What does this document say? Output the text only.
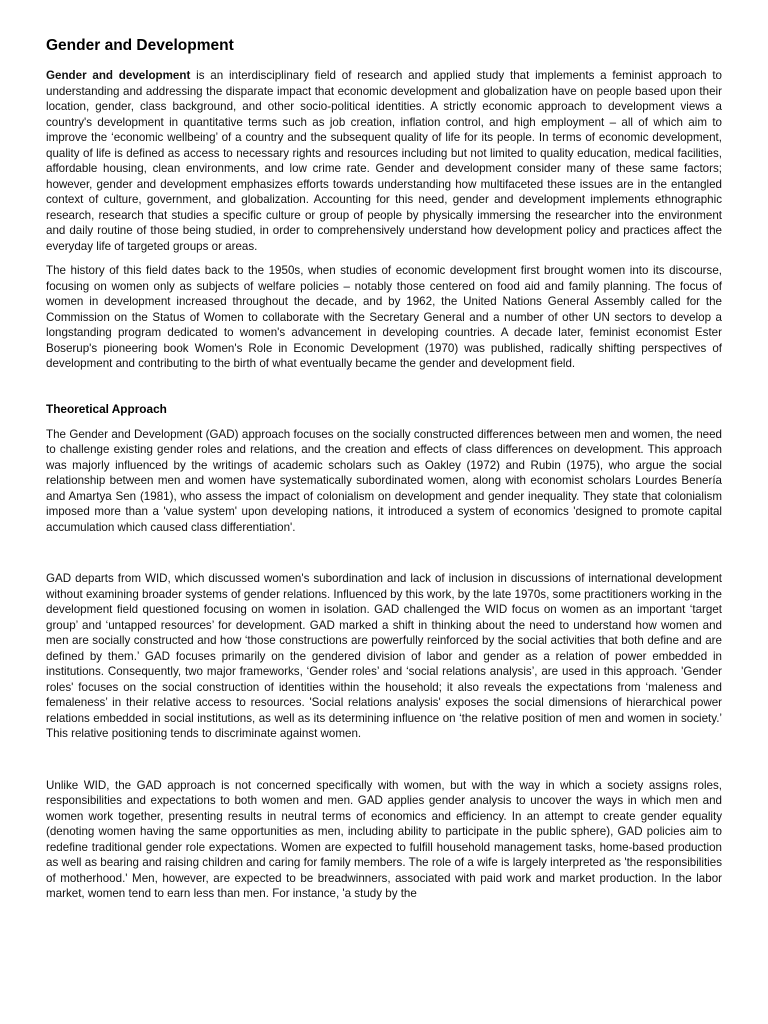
Gender and Development

Gender and development is an interdisciplinary field of research and applied study that implements a feminist approach to understanding and addressing the disparate impact that economic development and globalization have on people based upon their location, gender, class background, and other socio-political identities. A strictly economic approach to development views a country's development in quantitative terms such as job creation, inflation control, and high employment – all of which aim to improve the ‘economic wellbeing’ of a country and the subsequent quality of life for its people. In terms of economic development, quality of life is defined as access to necessary rights and resources including but not limited to quality education, medical facilities, affordable housing, clean environments, and low crime rate. Gender and development consider many of these same factors; however, gender and development emphasizes efforts towards understanding how multifaceted these issues are in the entangled context of culture, government, and globalization. Accounting for this need, gender and development implements ethnographic research, research that studies a specific culture or group of people by physically immersing the researcher into the environment and daily routine of those being studied, in order to comprehensively understand how development policy and practices affect the everyday life of targeted groups or areas.

The history of this field dates back to the 1950s, when studies of economic development first brought women into its discourse, focusing on women only as subjects of welfare policies – notably those centered on food aid and family planning. The focus of women in development increased throughout the decade, and by 1962, the United Nations General Assembly called for the Commission on the Status of Women to collaborate with the Secretary General and a number of other UN sectors to develop a longstanding program dedicated to women's advancement in developing countries. A decade later, feminist economist Ester Boserup's pioneering book Women's Role in Economic Development (1970) was published, radically shifting perspectives of development and contributing to the birth of what eventually became the gender and development field.

Theoretical Approach

The Gender and Development (GAD) approach focuses on the socially constructed differences between men and women, the need to challenge existing gender roles and relations, and the creation and effects of class differences on development. This approach was majorly influenced by the writings of academic scholars such as Oakley (1972) and Rubin (1975), who argue the social relationship between men and women have systematically subordinated women, along with economist scholars Lourdes Benería and Amartya Sen (1981), who assess the impact of colonialism on development and gender inequality. They state that colonialism imposed more than a 'value system' upon developing nations, it introduced a system of economics 'designed to promote capital accumulation which caused class differentiation'.

GAD departs from WID, which discussed women's subordination and lack of inclusion in discussions of international development without examining broader systems of gender relations. Influenced by this work, by the late 1970s, some practitioners working in the development field questioned focusing on women in isolation. GAD challenged the WID focus on women as an important ‘target group’ and ‘untapped resources’ for development. GAD marked a shift in thinking about the need to understand how women and men are socially constructed and how ‘those constructions are powerfully reinforced by the social activities that both define and are defined by them.’ GAD focuses primarily on the gendered division of labor and gender as a relation of power embedded in institutions. Consequently, two major frameworks, ‘Gender roles’ and ‘social relations analysis’, are used in this approach. 'Gender roles' focuses on the social construction of identities within the household; it also reveals the expectations from ‘maleness and femaleness’ in their relative access to resources. 'Social relations analysis' exposes the social dimensions of hierarchical power relations embedded in social institutions, as well as its determining influence on ‘the relative position of men and women in society.’ This relative positioning tends to discriminate against women.

Unlike WID, the GAD approach is not concerned specifically with women, but with the way in which a society assigns roles, responsibilities and expectations to both women and men. GAD applies gender analysis to uncover the ways in which men and women work together, presenting results in neutral terms of economics and efficiency. In an attempt to create gender equality (denoting women having the same opportunities as men, including ability to participate in the public sphere), GAD policies aim to redefine traditional gender role expectations. Women are expected to fulfill household management tasks, home-based production as well as bearing and raising children and caring for family members. The role of a wife is largely interpreted as 'the responsibilities of motherhood.' Men, however, are expected to be breadwinners, associated with paid work and market production. In the labor market, women tend to earn less than men. For instance, 'a study by the
